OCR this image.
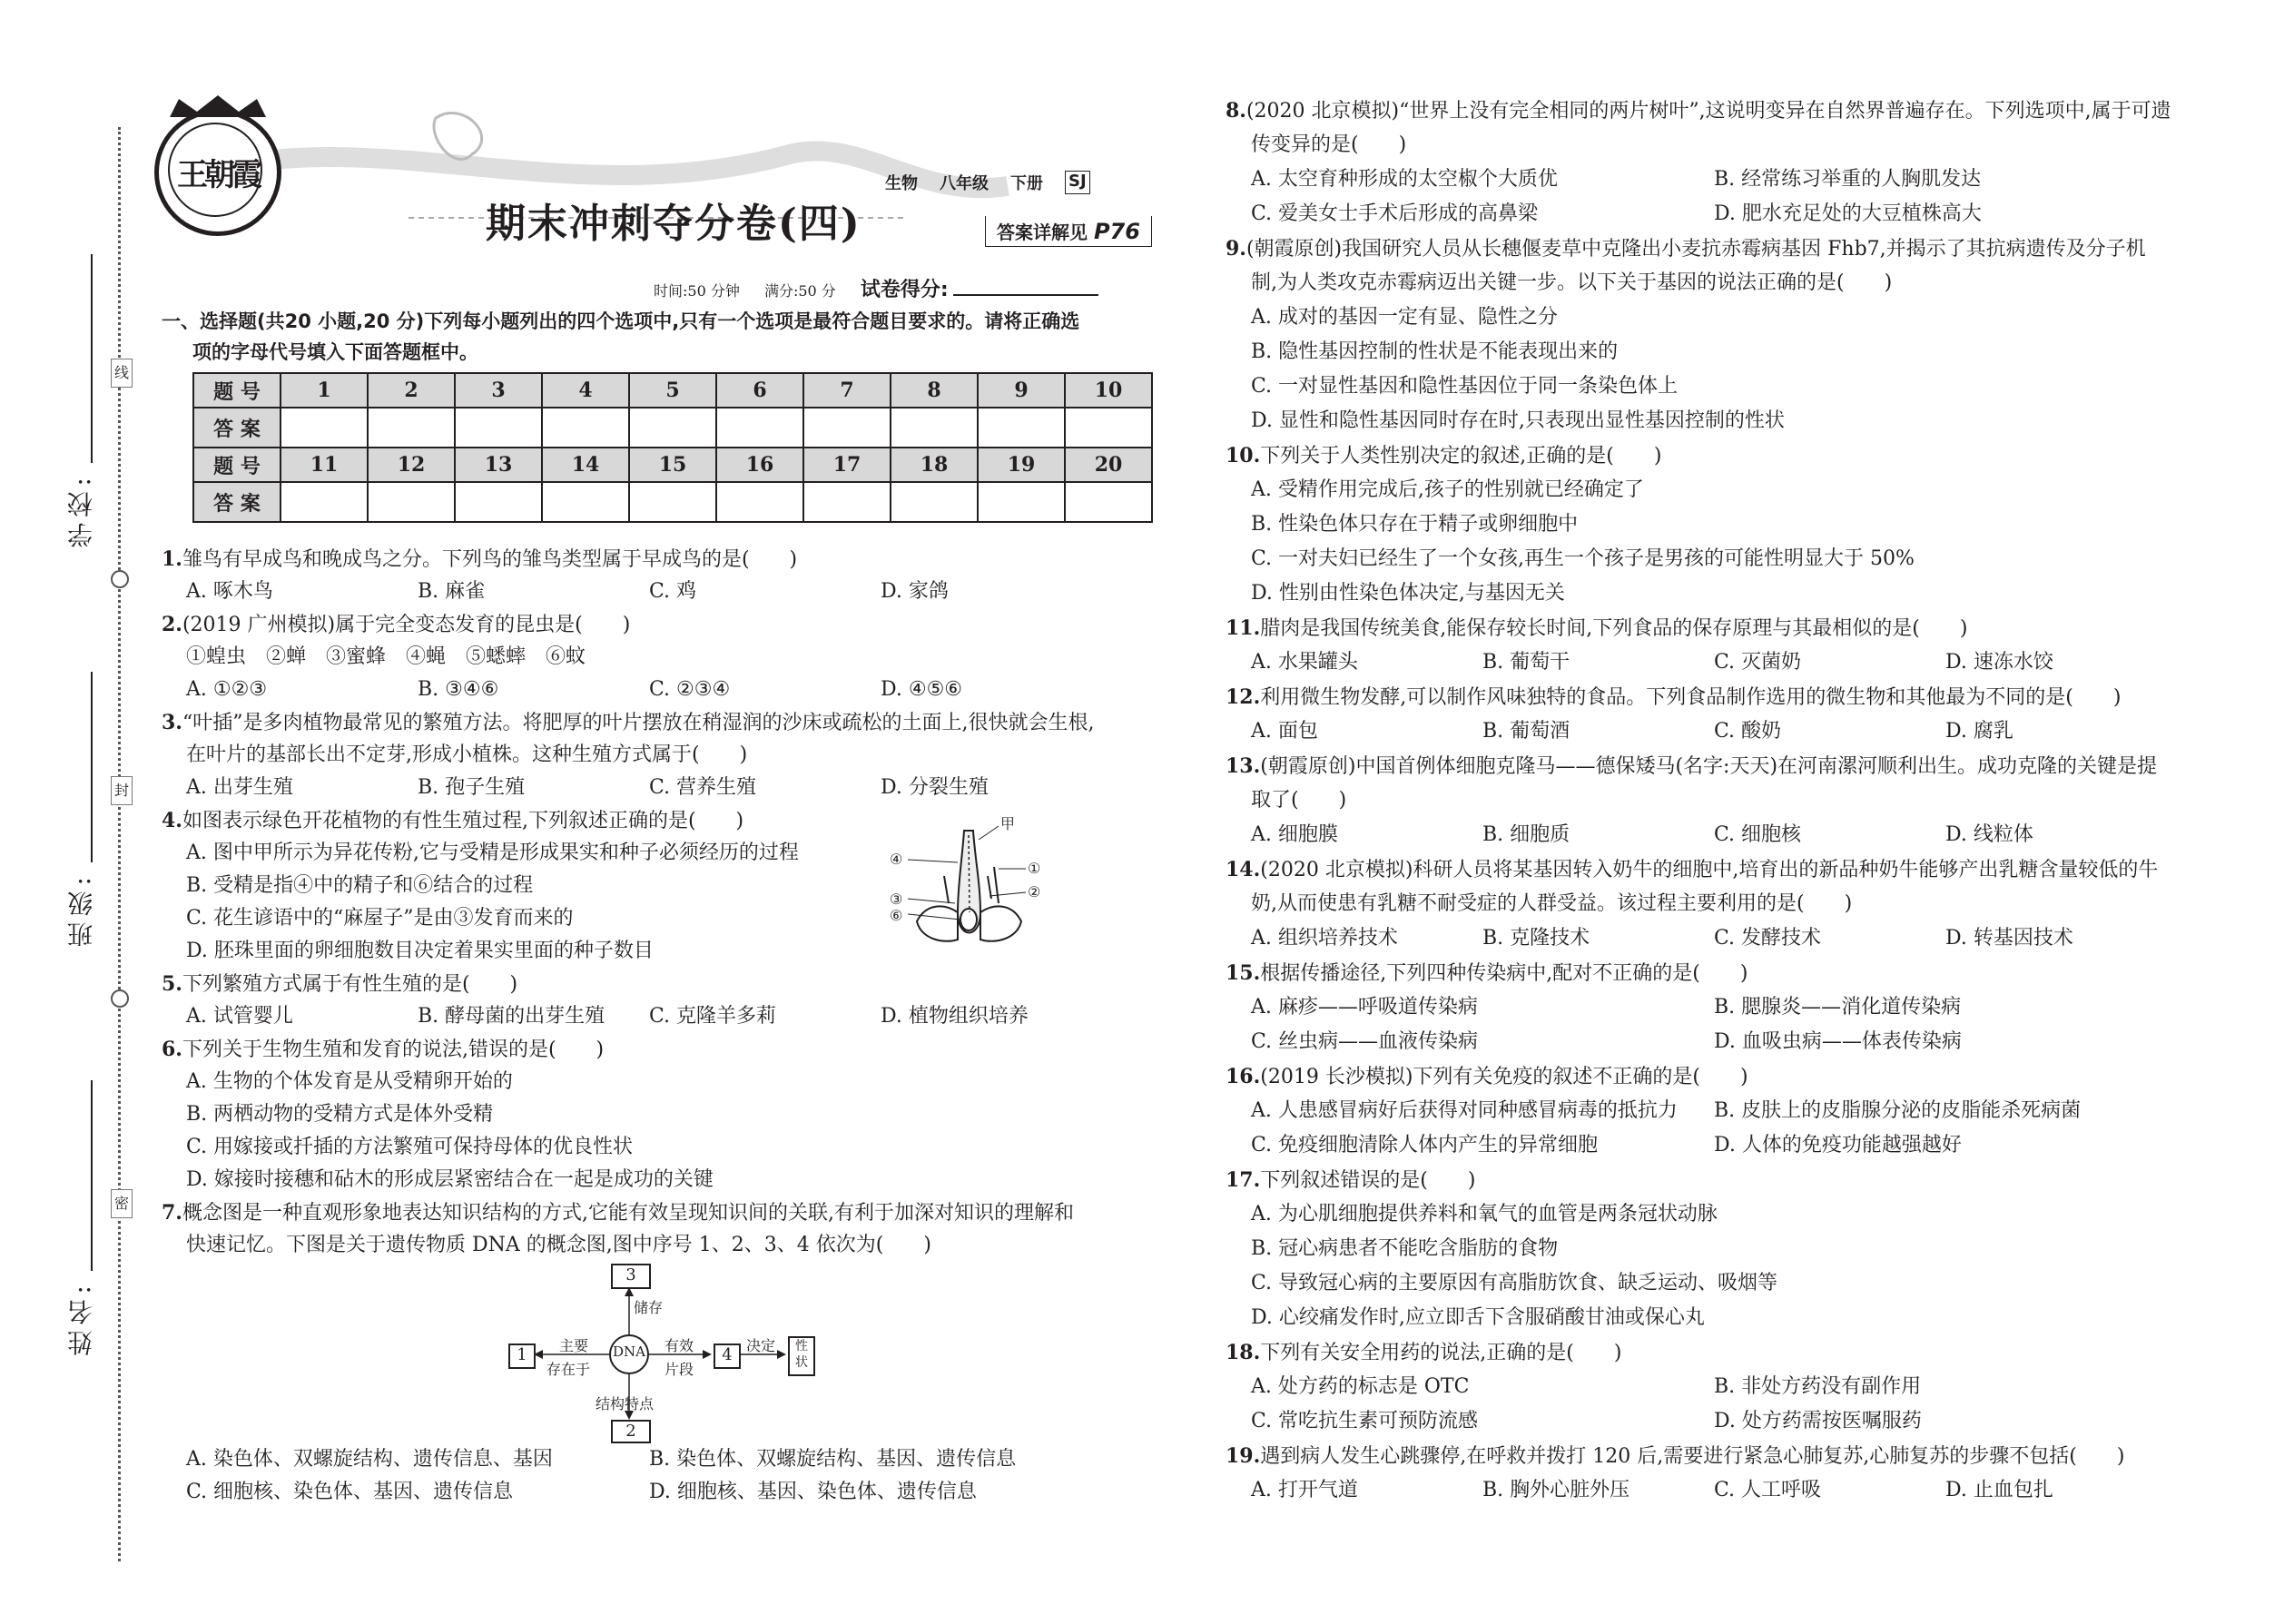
学校:
班级:
姓名:
线
封
密
王朝霞	生物 八年级 下册 SJ
期末冲刺夺分卷(四)	答案详解见 P76
时间:50 分钟 满分:50 分 试卷得分:
一、选择题(共20 小题,20 分)下列每小题列出的四个选项中,只有一个选项是最符合题目要求的。请将正确选
项的字母代号填入下面答题框中。
题 号	1	2	3	4	5	6	7	8	9	10
答 案										
题 号	11	12	13	14	15	16	17	18	19	20
答 案										
1.雏鸟有早成鸟和晚成鸟之分。下列鸟的雏鸟类型属于早成鸟的是(　　)
A. 啄木鸟	B. 麻雀	C. 鸡	D. 家鸽
2.(2019 广州模拟)属于完全变态发育的昆虫是(　　)
①蝗虫　②蝉　③蜜蜂　④蝇　⑤蟋蟀　⑥蚊
A. ①②③	B. ③④⑥	C. ②③④	D. ④⑤⑥
3.“叶插”是多肉植物最常见的繁殖方法。将肥厚的叶片摆放在稍湿润的沙床或疏松的土面上,很快就会生根,
在叶片的基部长出不定芽,形成小植株。这种生殖方式属于(　　)
A. 出芽生殖	B. 孢子生殖	C. 营养生殖	D. 分裂生殖
4.如图表示绿色开花植物的有性生殖过程,下列叙述正确的是(　　)
A. 图中甲所示为异花传粉,它与受精是形成果实和种子必须经历的过程
B. 受精是指④中的精子和⑥结合的过程
C. 花生谚语中的“麻屋子”是由③发育而来的
D. 胚珠里面的卵细胞数目决定着果实里面的种子数目
甲
①
②
③
④
⑥
5.下列繁殖方式属于有性生殖的是(　　)
A. 试管婴儿	B. 酵母菌的出芽生殖 C. 克隆羊多莉	D. 植物组织培养
6.下列关于生物生殖和发育的说法,错误的是(　　)
A. 生物的个体发育是从受精卵开始的
B. 两栖动物的受精方式是体外受精
C. 用嫁接或扦插的方法繁殖可保持母体的优良性状
D. 嫁接时接穗和砧木的形成层紧密结合在一起是成功的关键
7.概念图是一种直观形象地表达知识结构的方式,它能有效呈现知识间的关联,有利于加深对知识的理解和
快速记忆。下图是关于遗传物质 DNA 的概念图,图中序号 1、2、3、4 依次为(　　)
DNA
3
1	4	性状
2
储存
主要
存在于
有效
片段
决定
结构特点
A. 染色体、双螺旋结构、遗传信息、基因	B. 染色体、双螺旋结构、基因、遗传信息
C. 细胞核、染色体、基因、遗传信息	D. 细胞核、基因、染色体、遗传信息
8.(2020 北京模拟)“世界上没有完全相同的两片树叶”,这说明变异在自然界普遍存在。下列选项中,属于可遗
传变异的是(　　)
A. 太空育种形成的太空椒个大质优	B. 经常练习举重的人胸肌发达
C. 爱美女士手术后形成的高鼻梁	D. 肥水充足处的大豆植株高大
9.(朝霞原创)我国研究人员从长穗偃麦草中克隆出小麦抗赤霉病基因 Fhb7,并揭示了其抗病遗传及分子机
制,为人类攻克赤霉病迈出关键一步。以下关于基因的说法正确的是(　　)
A. 成对的基因一定有显、隐性之分
B. 隐性基因控制的性状是不能表现出来的
C. 一对显性基因和隐性基因位于同一条染色体上
D. 显性和隐性基因同时存在时,只表现出显性基因控制的性状
10.下列关于人类性别决定的叙述,正确的是(　　)
A. 受精作用完成后,孩子的性别就已经确定了
B. 性染色体只存在于精子或卵细胞中
C. 一对夫妇已经生了一个女孩,再生一个孩子是男孩的可能性明显大于 50%
D. 性别由性染色体决定,与基因无关
11.腊肉是我国传统美食,能保存较长时间,下列食品的保存原理与其最相似的是(　　)
A. 水果罐头	B. 葡萄干	C. 灭菌奶	D. 速冻水饺
12.利用微生物发酵,可以制作风味独特的食品。下列食品制作选用的微生物和其他最为不同的是(　　)
A. 面包	B. 葡萄酒	C. 酸奶	D. 腐乳
13.(朝霞原创)中国首例体细胞克隆马——德保矮马(名字:天天)在河南漯河顺利出生。成功克隆的关键是提
取了(　　)
A. 细胞膜	B. 细胞质	C. 细胞核	D. 线粒体
14.(2020 北京模拟)科研人员将某基因转入奶牛的细胞中,培育出的新品种奶牛能够产出乳糖含量较低的牛
奶,从而使患有乳糖不耐受症的人群受益。该过程主要利用的是(　　)
A. 组织培养技术	B. 克隆技术	C. 发酵技术	D. 转基因技术
15.根据传播途径,下列四种传染病中,配对不正确的是(　　)
A. 麻疹——呼吸道传染病	B. 腮腺炎——消化道传染病
C. 丝虫病——血液传染病	D. 血吸虫病——体表传染病
16.(2019 长沙模拟)下列有关免疫的叙述不正确的是(　　)
A. 人患感冒病好后获得对同种感冒病毒的抵抗力 B. 皮肤上的皮脂腺分泌的皮脂能杀死病菌
C. 免疫细胞清除人体内产生的异常细胞	D. 人体的免疫功能越强越好
17.下列叙述错误的是(　　)
A. 为心肌细胞提供养料和氧气的血管是两条冠状动脉
B. 冠心病患者不能吃含脂肪的食物
C. 导致冠心病的主要原因有高脂肪饮食、缺乏运动、吸烟等
D. 心绞痛发作时,应立即舌下含服硝酸甘油或保心丸
18.下列有关安全用药的说法,正确的是(　　)
A. 处方药的标志是 OTC	B. 非处方药没有副作用
C. 常吃抗生素可预防流感	D. 处方药需按医嘱服药
19.遇到病人发生心跳骤停,在呼救并拨打 120 后,需要进行紧急心肺复苏,心肺复苏的步骤不包括(　　)
A. 打开气道	B. 胸外心脏外压	C. 人工呼吸	D. 止血包扎
